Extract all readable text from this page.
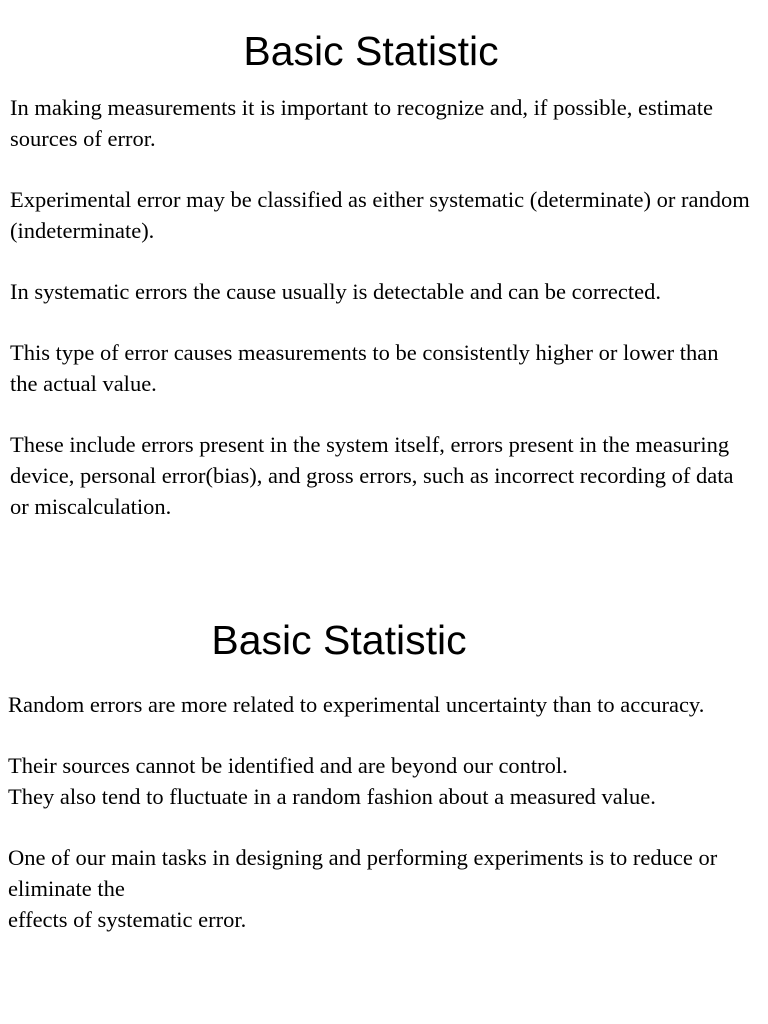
Basic Statistic

In making measurements it is important to recognize and, if possible, estimate sources of error.

Experimental error may be classified as either systematic (determinate) or random (indeterminate).

In systematic errors the cause usually is detectable and can be corrected.

This type of error causes measurements to be consistently higher or lower than the actual value.

These include errors present in the system itself, errors present in the measuring device, personal error(bias), and gross errors, such as incorrect recording of data or miscalculation.

Basic Statistic

Random errors are more related to experimental uncertainty than to accuracy.

Their sources cannot be identified and are beyond our control.
They also tend to fluctuate in a random fashion about a measured value.

One of our main tasks in designing and performing experiments is to reduce or eliminate the
effects of systematic error.
